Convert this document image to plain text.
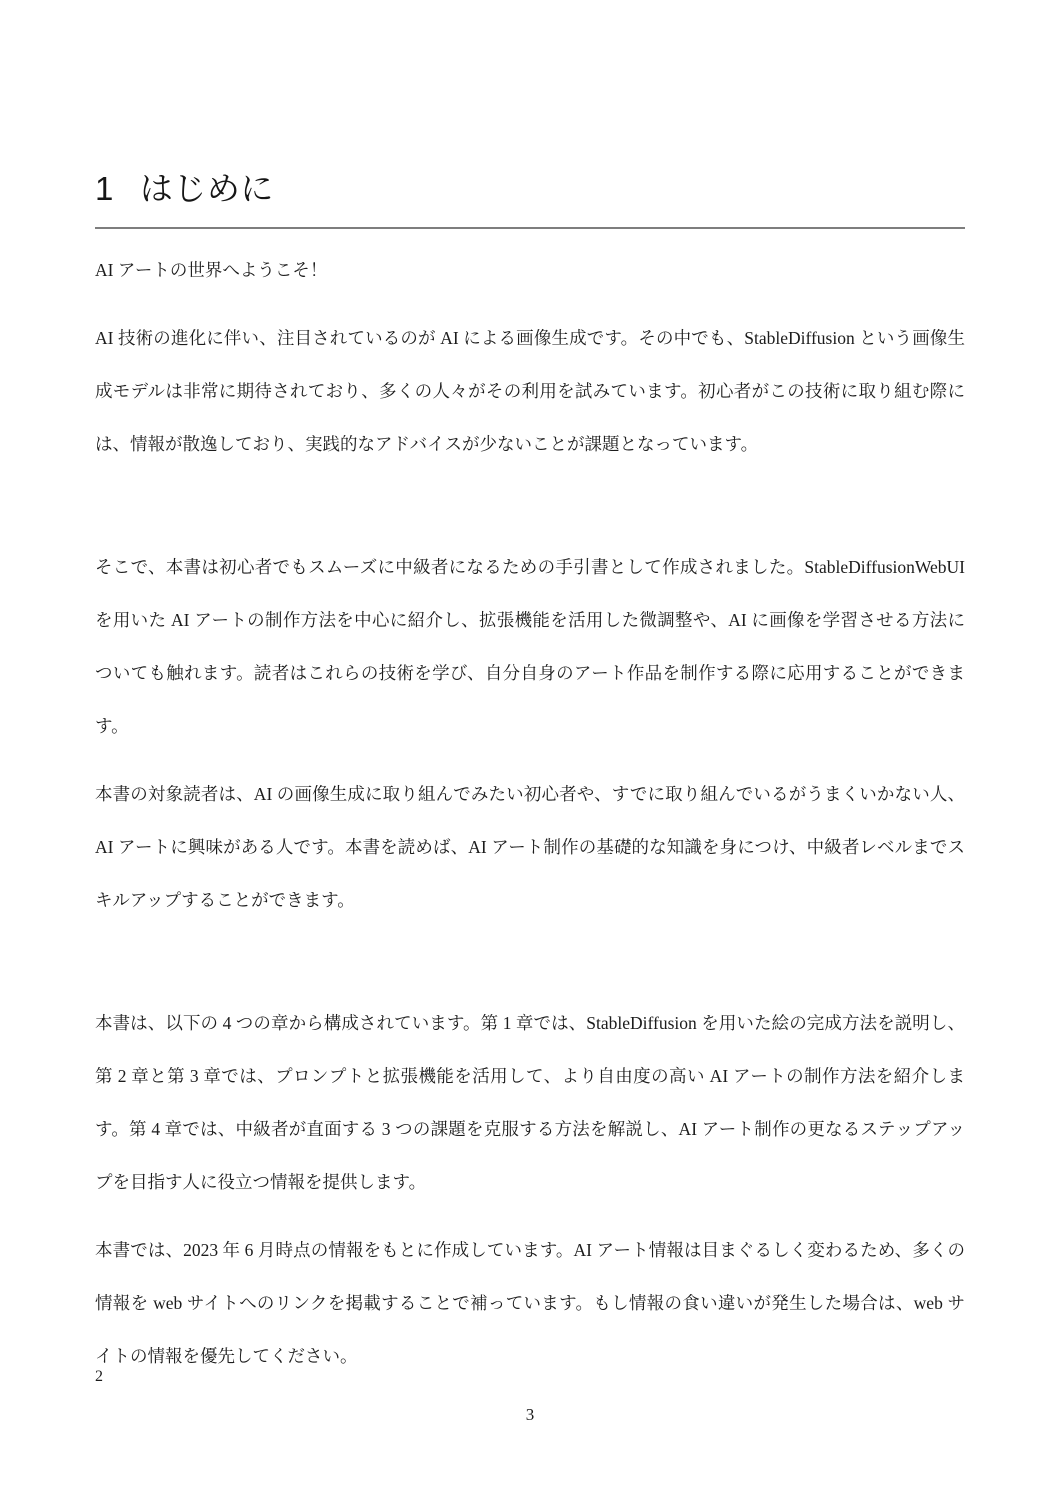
1 はじめに

AI アートの世界へようこそ！

AI 技術の進化に伴い、注目されているのが AI による画像生成です。その中でも、StableDiffusion という画像生成モデルは非常に期待されており、多くの人々がその利用を試みています。初心者がこの技術に取り組む際には、情報が散逸しており、実践的なアドバイスが少ないことが課題となっています。

そこで、本書は初心者でもスムーズに中級者になるための手引書として作成されました。StableDiffusionWebUI を用いた AI アートの制作方法を中心に紹介し、拡張機能を活用した微調整や、AI に画像を学習させる方法についても触れます。読者はこれらの技術を学び、自分自身のアート作品を制作する際に応用することができます。

本書の対象読者は、AI の画像生成に取り組んでみたい初心者や、すでに取り組んでいるがうまくいかない人、AI アートに興味がある人です。本書を読めば、AI アート制作の基礎的な知識を身につけ、中級者レベルまでスキルアップすることができます。

本書は、以下の 4 つの章から構成されています。第 1 章では、StableDiffusion を用いた絵の完成方法を説明し、第 2 章と第 3 章では、プロンプトと拡張機能を活用して、より自由度の高い AI アートの制作方法を紹介します。第 4 章では、中級者が直面する 3 つの課題を克服する方法を解説し、AI アート制作の更なるステップアップを目指す人に役立つ情報を提供します。

本書では、2023 年 6 月時点の情報をもとに作成しています。AI アート情報は目まぐるしく変わるため、多くの情報を web サイトへのリンクを掲載することで補っています。もし情報の食い違いが発生した場合は、web サイトの情報を優先してください。

2
3
